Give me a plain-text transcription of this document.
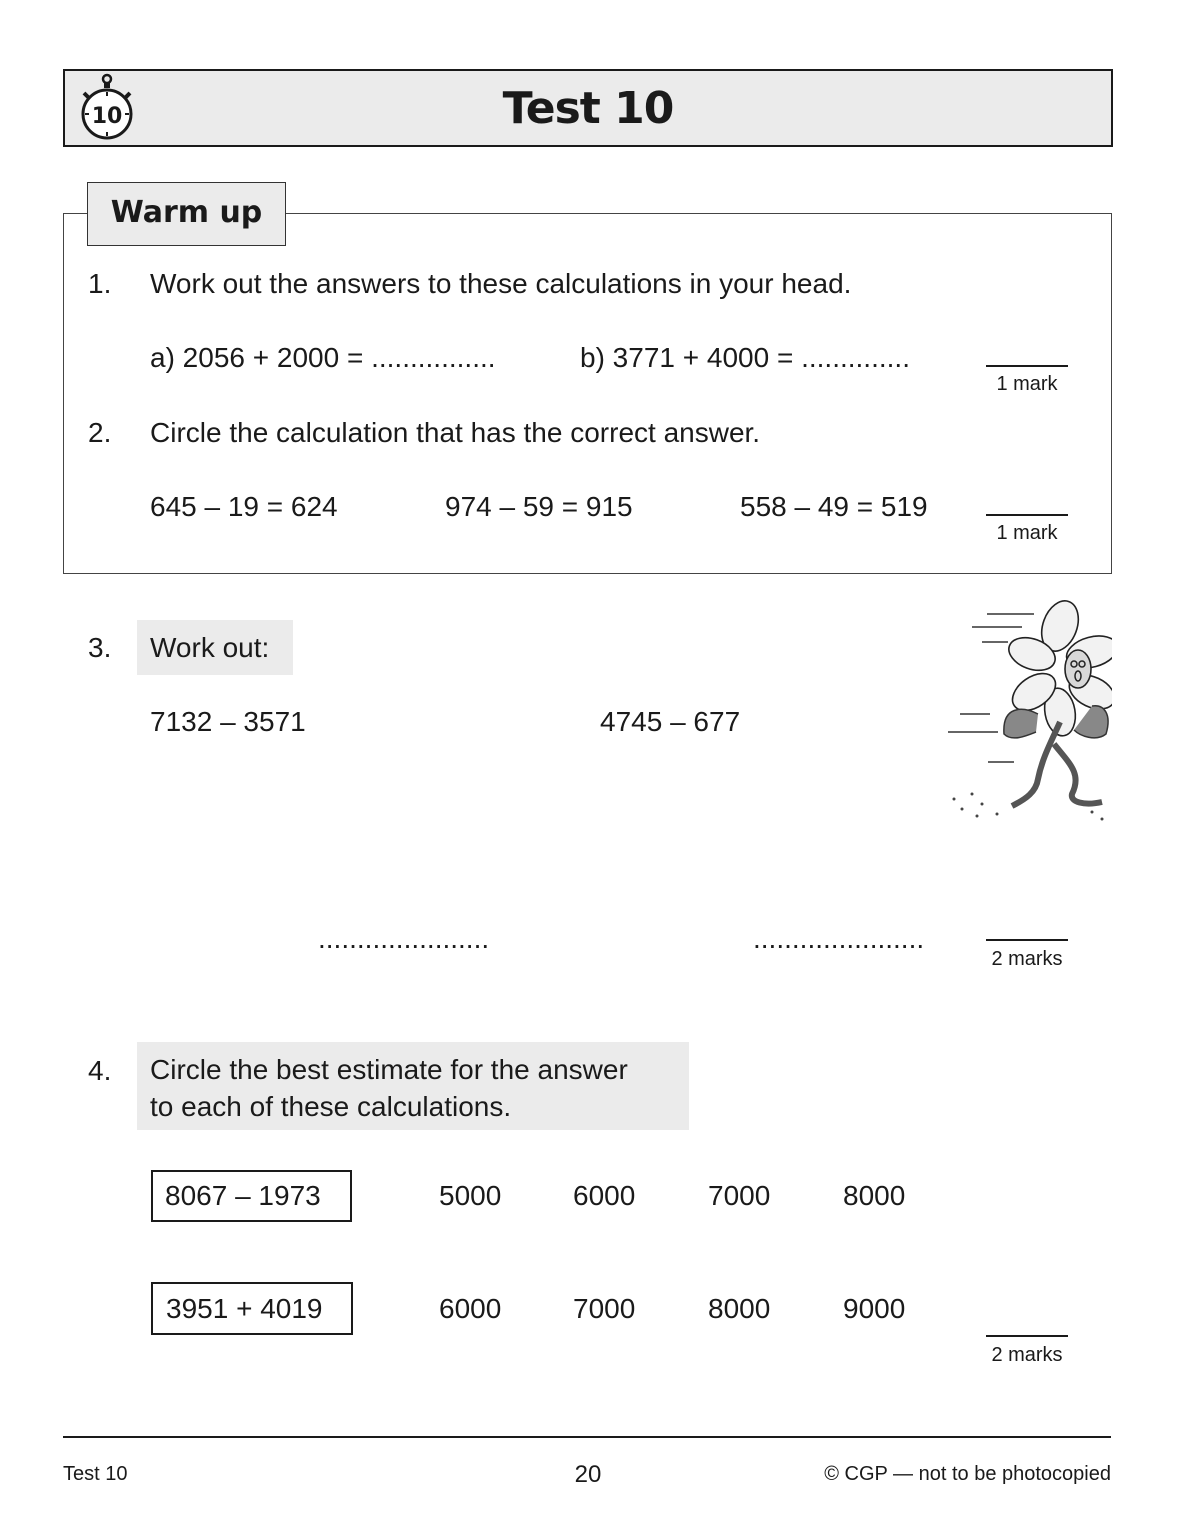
10	Test 10
Warm up
1. Work out the answers to these calculations in your head.
a) 2056 + 2000 = ................	b) 3771 + 4000 = ..............
1 mark
2. Circle the calculation that has the correct answer.
645 – 19 = 624	974 – 59 = 915	558 – 49 = 519
1 mark
3. Work out:
7132 – 3571	4745 – 677
......................	......................
2 marks
4. Circle the best estimate for the answer
to each of these calculations.
8067 – 1973	5000	6000	7000	8000
3951 + 4019	6000	7000	8000	9000
2 marks
Test 10	20	© CGP — not to be photocopied
